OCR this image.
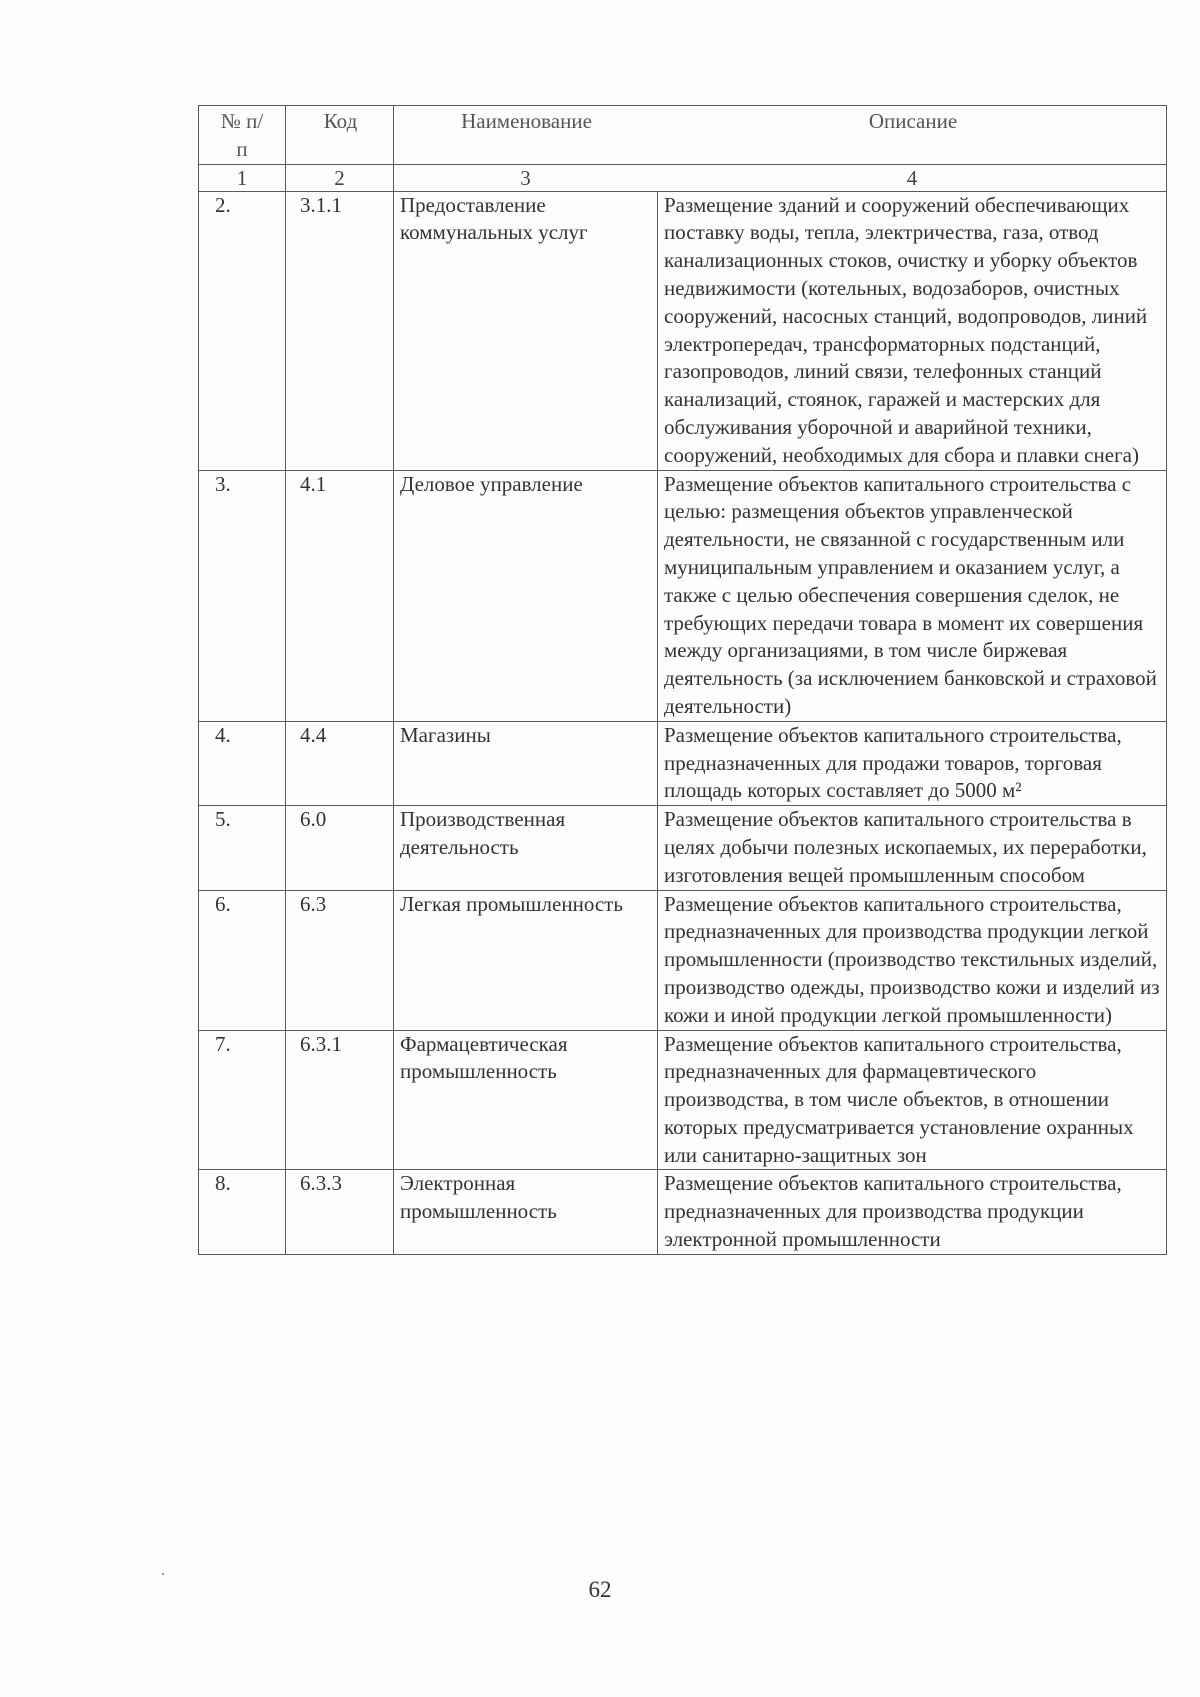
№ п/п	Код	Наименование	Описание
1	2	3	4
2.	3.1.1	Предоставление коммунальных услуг	Размещение зданий и сооружений обеспечивающих поставку воды, тепла, электричества, газа, отвод канализационных стоков, очистку и уборку объектов недвижимости (котельных, водозаборов, очистных сооружений, насосных станций, водопроводов, линий электропередач, трансформаторных подстанций, газопроводов, линий связи, телефонных станций канализаций, стоянок, гаражей и мастерских для обслуживания уборочной и аварийной техники, сооружений, необходимых для сбора и плавки снега)
3.	4.1	Деловое управление	Размещение объектов капитального строительства с целью: размещения объектов управленческой деятельности, не связанной с государственным или муниципальным управлением и оказанием услуг, а также с целью обеспечения совершения сделок, не требующих передачи товара в момент их совершения между организациями, в том числе биржевая деятельность (за исключением банковской и страховой деятельности)
4.	4.4	Магазины	Размещение объектов капитального строительства, предназначенных для продажи товаров, торговая площадь которых составляет до 5000 м²
5.	6.0	Производственная деятельность	Размещение объектов капитального строительства в целях добычи полезных ископаемых, их переработки, изготовления вещей промышленным способом
6.	6.3	Легкая промышленность	Размещение объектов капитального строительства, предназначенных для производства продукции легкой промышленности (производство текстильных изделий, производство одежды, производство кожи и изделий из кожи и иной продукции легкой промышленности)
7.	6.3.1	Фармацевтическая промышленность	Размещение объектов капитального строительства, предназначенных для фармацевтического производства, в том числе объектов, в отношении которых предусматривается установление охранных или санитарно-защитных зон
8.	6.3.3	Электронная промышленность	Размещение объектов капитального строительства, предназначенных для производства продукции электронной промышленности
62
